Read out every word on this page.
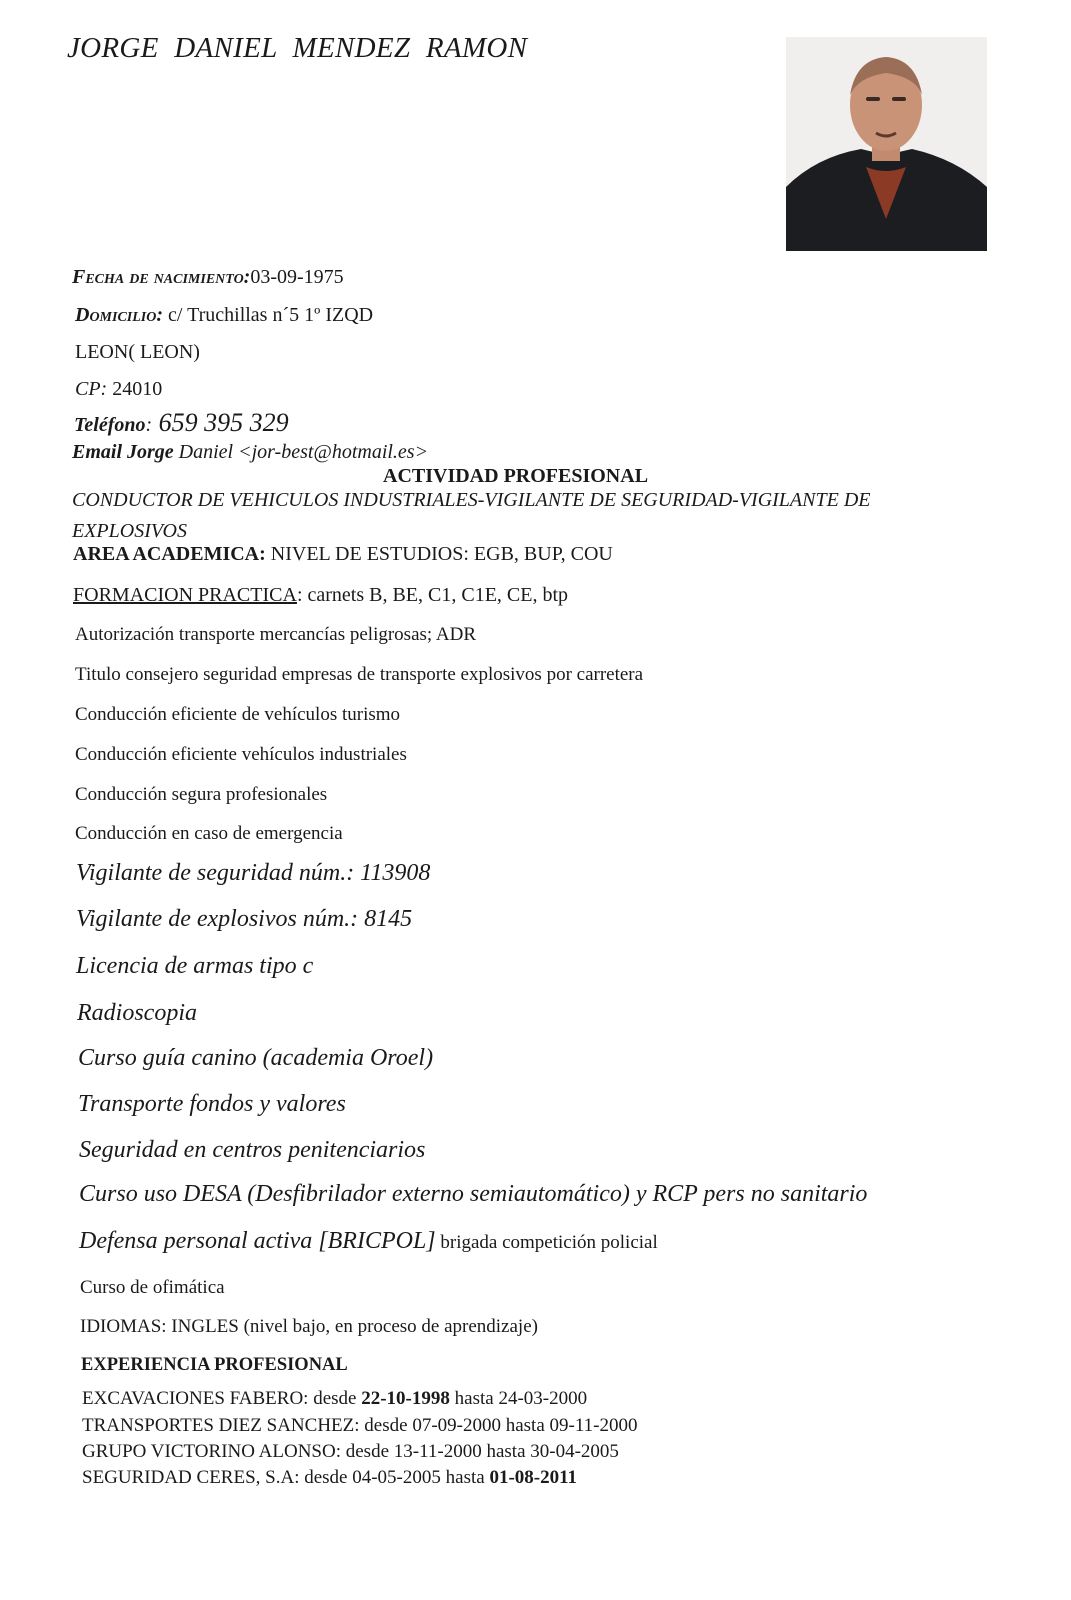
JORGE DANIEL MENDEZ RAMON
Fecha de nacimiento:03-09-1975
Domicilio: c/ Truchillas n´5 1º IZQD
LEON( LEON)
CP: 24010
Teléfono: 659 395 329
Email Jorge Daniel <jor-best@hotmail.es>
ACTIVIDAD PROFESIONAL
CONDUCTOR DE VEHICULOS INDUSTRIALES-VIGILANTE DE SEGURIDAD-VIGILANTE DE
EXPLOSIVOS
AREA ACADEMICA: NIVEL DE ESTUDIOS: EGB, BUP, COU
FORMACION PRACTICA: carnets B, BE, C1, C1E, CE, btp
Autorización transporte mercancías peligrosas; ADR
Titulo consejero seguridad empresas de transporte explosivos por carretera
Conducción eficiente de vehículos turismo
Conducción eficiente vehículos industriales
Conducción segura profesionales
Conducción en caso de emergencia
Vigilante de seguridad núm.: 113908
Vigilante de explosivos núm.: 8145
Licencia de armas tipo c
Radioscopia
Curso guía canino (academia Oroel)
Transporte fondos y valores
Seguridad en centros penitenciarios
Curso uso DESA (Desfibrilador externo semiautomático) y RCP pers no sanitario
Defensa personal activa [BRICPOL] brigada competición policial
Curso de ofimática
IDIOMAS: INGLES (nivel bajo, en proceso de aprendizaje)
EXPERIENCIA PROFESIONAL
EXCAVACIONES FABERO: desde 22-10-1998 hasta 24-03-2000
TRANSPORTES DIEZ SANCHEZ: desde 07-09-2000 hasta 09-11-2000
GRUPO VICTORINO ALONSO: desde 13-11-2000 hasta 30-04-2005
SEGURIDAD CERES, S.A: desde 04-05-2005 hasta 01-08-2011
